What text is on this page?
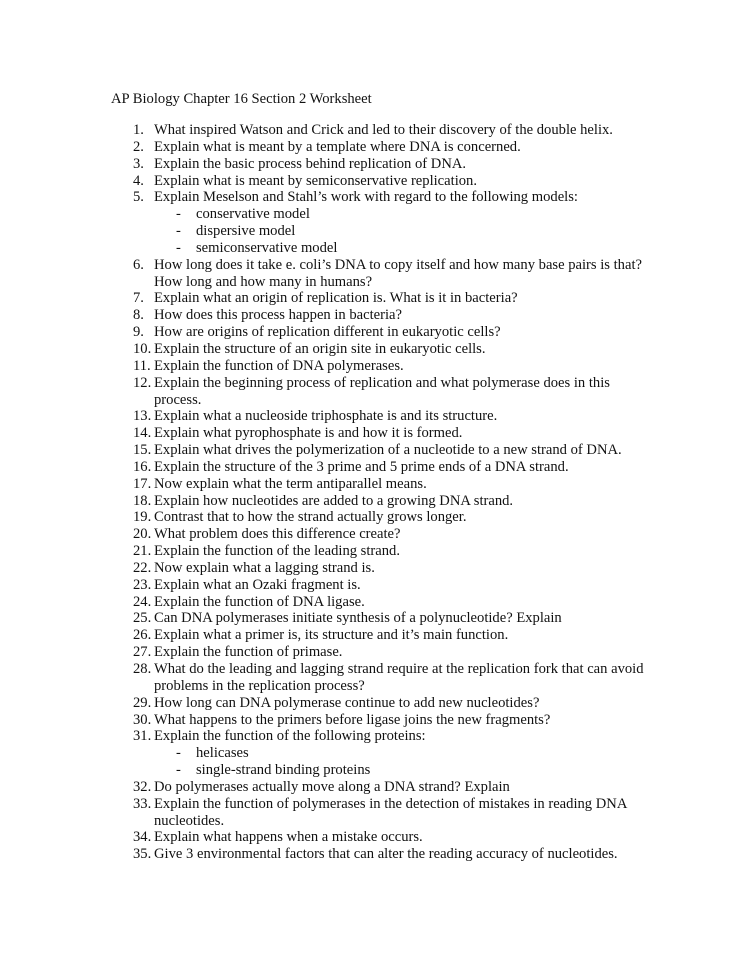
AP Biology Chapter 16 Section 2 Worksheet
1. What inspired Watson and Crick and led to their discovery of the double helix.
2. Explain what is meant by a template where DNA is concerned.
3. Explain the basic process behind replication of DNA.
4. Explain what is meant by semiconservative replication.
5. Explain Meselson and Stahl’s work with regard to the following models:
- conservative model
- dispersive model
- semiconservative model
6. How long does it take e. coli’s DNA to copy itself and how many base pairs is that? How long and how many in humans?
7. Explain what an origin of replication is. What is it in bacteria?
8. How does this process happen in bacteria?
9. How are origins of replication different in eukaryotic cells?
10. Explain the structure of an origin site in eukaryotic cells.
11. Explain the function of DNA polymerases.
12. Explain the beginning process of replication and what polymerase does in this process.
13. Explain what a nucleoside triphosphate is and its structure.
14. Explain what pyrophosphate is and how it is formed.
15. Explain what drives the polymerization of a nucleotide to a new strand of DNA.
16. Explain the structure of the 3 prime and 5 prime ends of a DNA strand.
17. Now explain what the term antiparallel means.
18. Explain how nucleotides are added to a growing DNA strand.
19. Contrast that to how the strand actually grows longer.
20. What problem does this difference create?
21. Explain the function of the leading strand.
22. Now explain what a lagging strand is.
23. Explain what an Ozaki fragment is.
24. Explain the function of DNA ligase.
25. Can DNA polymerases initiate synthesis of a polynucleotide? Explain
26. Explain what a primer is, its structure and it’s main function.
27. Explain the function of primase.
28. What do the leading and lagging strand require at the replication fork that can avoid problems in the replication process?
29. How long can DNA polymerase continue to add new nucleotides?
30. What happens to the primers before ligase joins the new fragments?
31. Explain the function of the following proteins:
- helicases
- single-strand binding proteins
32. Do polymerases actually move along a DNA strand? Explain
33. Explain the function of polymerases in the detection of mistakes in reading DNA nucleotides.
34. Explain what happens when a mistake occurs.
35. Give 3 environmental factors that can alter the reading accuracy of nucleotides.
